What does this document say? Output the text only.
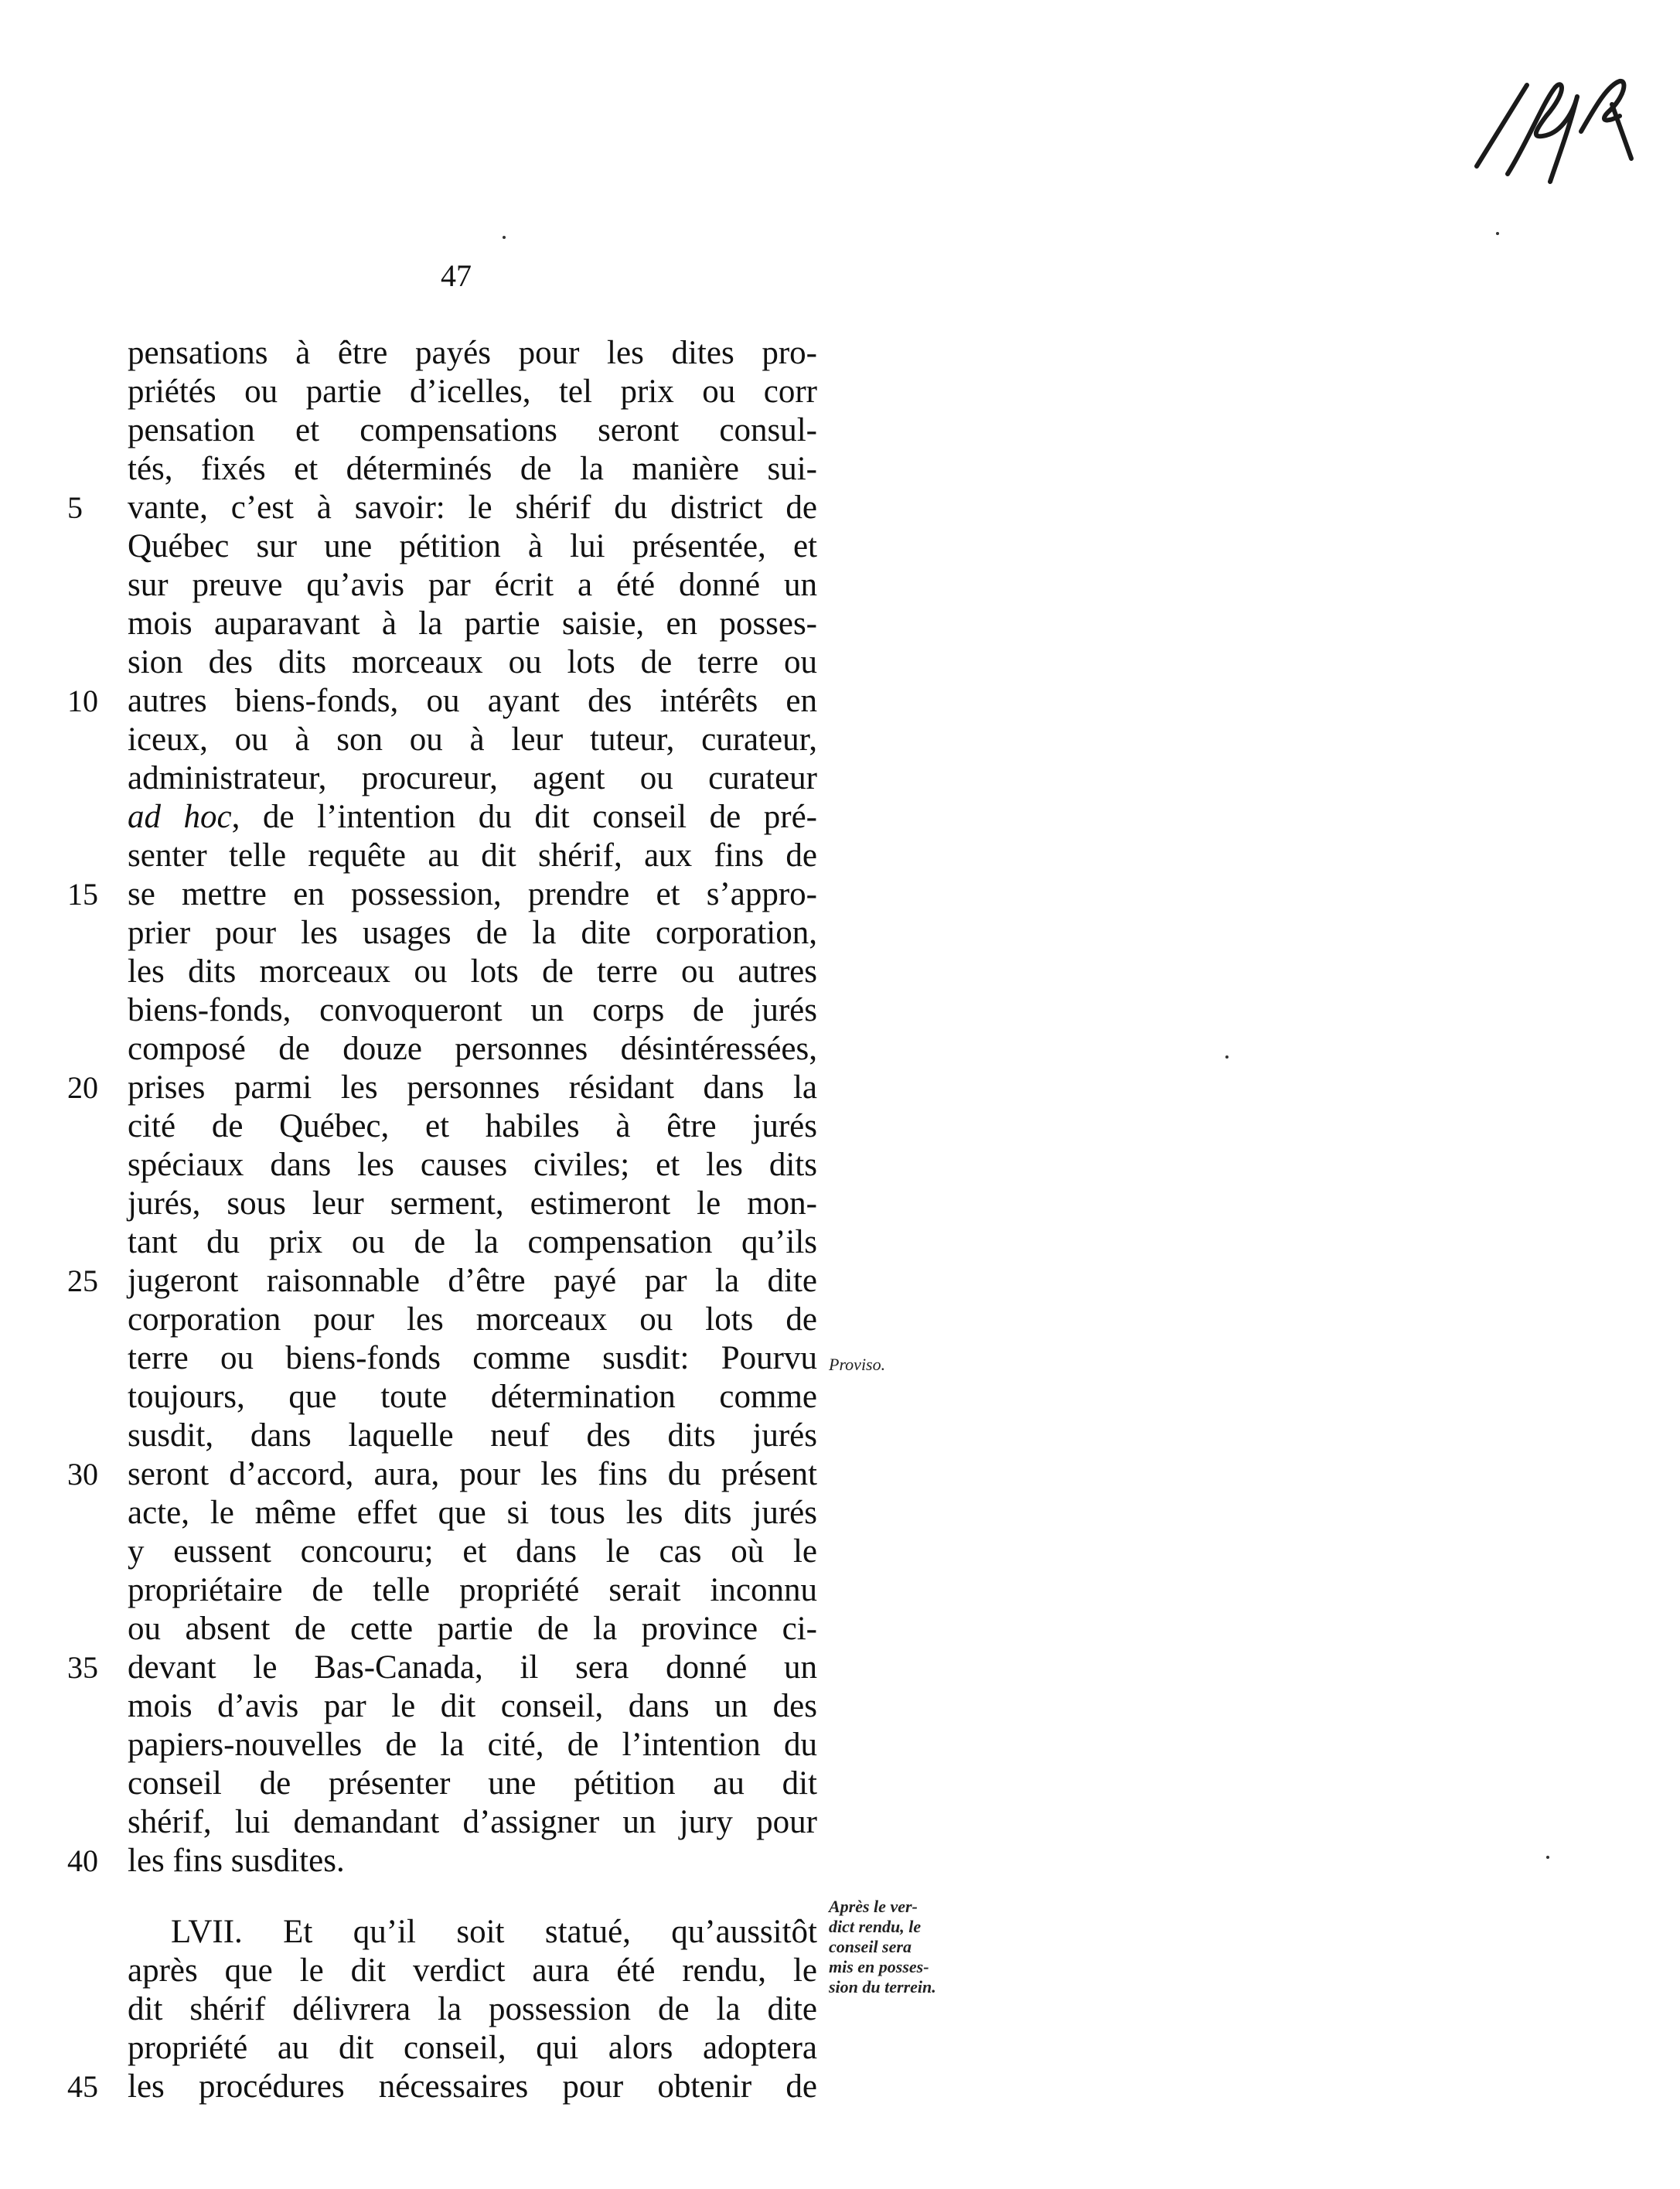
47
pensations à être payés pour les dites pro-
priétés ou partie d’icelles, tel prix ou corr
pensation et compensations seront consul-
tés, fixés et déterminés de la manière sui-
5	vante, c’est à savoir: le shérif du district de
Québec sur une pétition à lui présentée, et
sur preuve qu’avis par écrit a été donné un
mois auparavant à la partie saisie, en posses-
sion des dits morceaux ou lots de terre ou
10 autres biens-fonds, ou ayant des intérêts en
iceux, ou à son ou à leur tuteur, curateur,
administrateur, procureur, agent ou curateur
ad hoc, de l’intention du dit conseil de pré-
senter telle requête au dit shérif, aux fins de
15 se mettre en possession, prendre et s’appro-
prier pour les usages de la dite corporation,
les dits morceaux ou lots de terre ou autres
biens-fonds, convoqueront un corps de jurés
composé de douze personnes désintéressées,
20 prises parmi les personnes résidant dans la
cité de Québec, et habiles à être jurés
spéciaux dans les causes civiles; et les dits
jurés, sous leur serment, estimeront le mon-
tant du prix ou de la compensation qu’ils
25 jugeront raisonnable d’être payé par la dite
corporation pour les morceaux ou lots de
terre ou biens-fonds comme susdit: Pourvu
toujours, que toute détermination comme
susdit, dans laquelle neuf des dits jurés
30 seront d’accord, aura, pour les fins du présent
acte, le même effet que si tous les dits jurés
y eussent concouru; et dans le cas où le
propriétaire de telle propriété serait inconnu
ou absent de cette partie de la province ci-
35 devant le Bas-Canada, il sera donné un
mois d’avis par le dit conseil, dans un des
papiers-nouvelles de la cité, de l’intention du
conseil de présenter une pétition au dit
shérif, lui demandant d’assigner un jury pour
40 les fins susdites.
LVII. Et qu’il soit statué, qu’aussitôt
après que le dit verdict aura été rendu, le
dit shérif délivrera la possession de la dite
propriété au dit conseil, qui alors adoptera
45 les procédures nécessaires pour obtenir de
Proviso.
Après le ver-
dict rendu, le
conseil sera
mis en posses-
sion du terrein.
